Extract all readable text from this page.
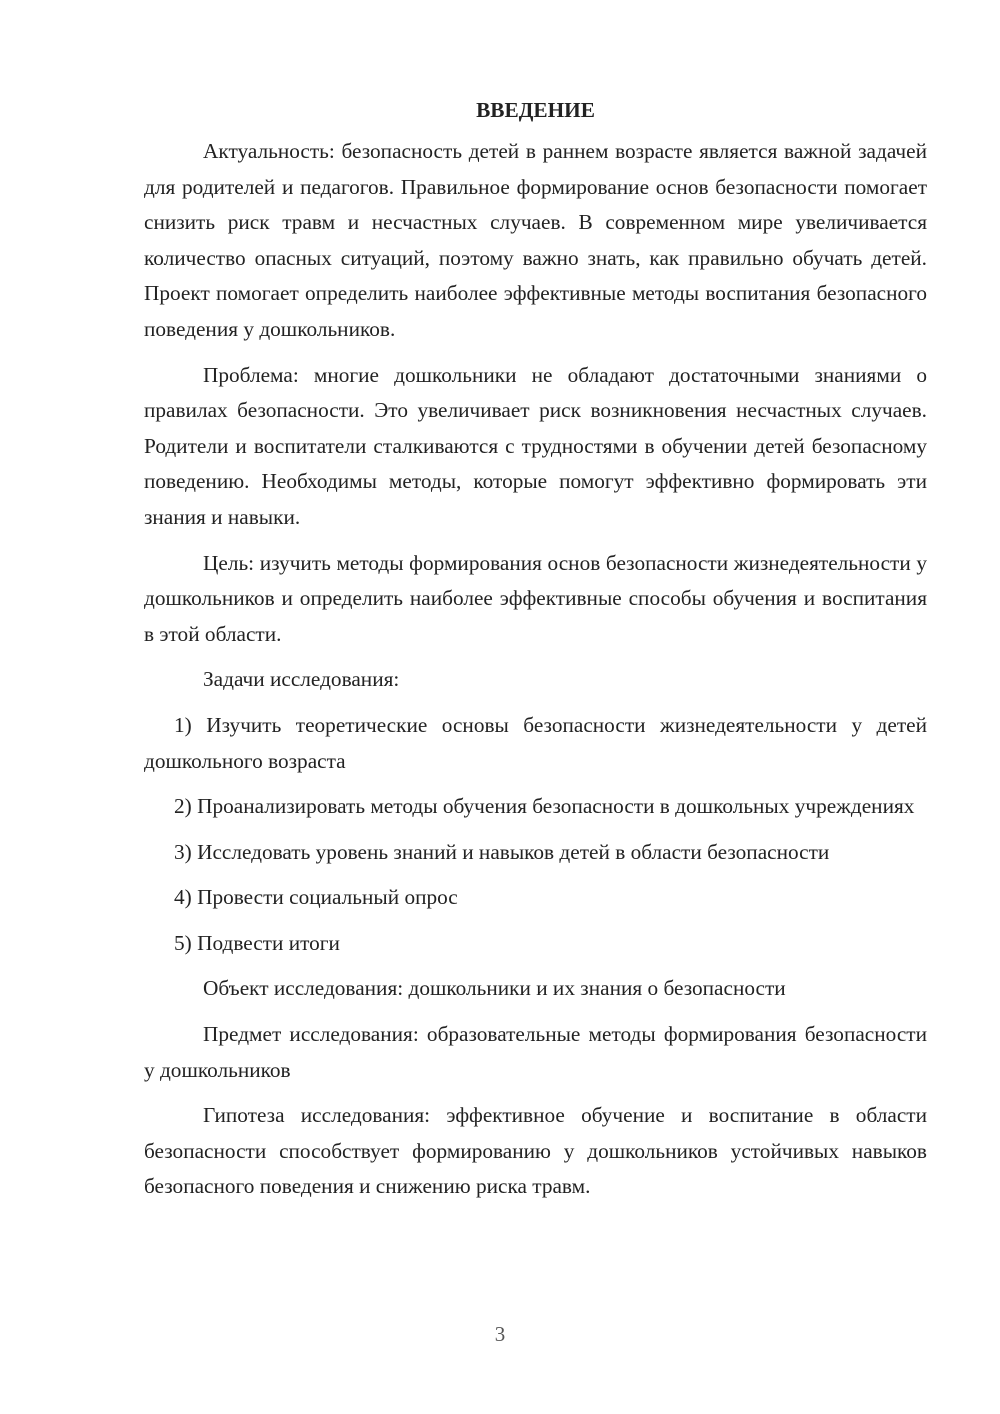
ВВЕДЕНИЕ

Актуальность: безопасность детей в раннем возрасте является важной задачей для родителей и педагогов. Правильное формирование основ безопасности помогает снизить риск травм и несчастных случаев. В современном мире увеличивается количество опасных ситуаций, поэтому важно знать, как правильно обучать детей. Проект помогает определить наиболее эффективные методы воспитания безопасного поведения у дошкольников.

Проблема: многие дошкольники не обладают достаточными знаниями о правилах безопасности. Это увеличивает риск возникновения несчастных случаев. Родители и воспитатели сталкиваются с трудностями в обучении детей безопасному поведению. Необходимы методы, которые помогут эффективно формировать эти знания и навыки.

Цель: изучить методы формирования основ безопасности жизнедеятельности у дошкольников и определить наиболее эффективные способы обучения и воспитания в этой области.

Задачи исследования:

1) Изучить теоретические основы безопасности жизнедеятельности у детей дошкольного возраста

2) Проанализировать методы обучения безопасности в дошкольных учреждениях

3) Исследовать уровень знаний и навыков детей в области безопасности

4) Провести социальный опрос

5) Подвести итоги

Объект исследования: дошкольники и их знания о безопасности

Предмет исследования: образовательные методы формирования безопасности у дошкольников

Гипотеза исследования: эффективное обучение и воспитание в области безопасности способствует формированию у дошкольников устойчивых навыков безопасного поведения и снижению риска травм.

3
